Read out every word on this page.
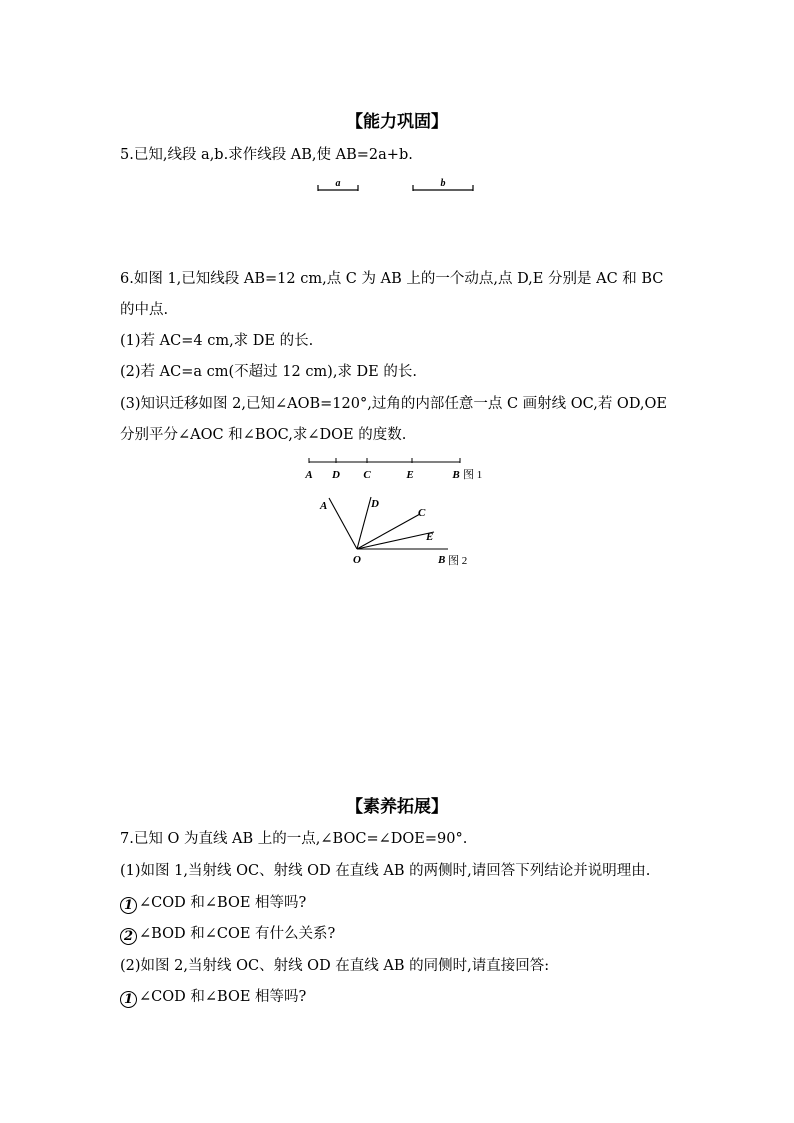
【能力巩固】
5.已知,线段 a,b.求作线段 AB,使 AB=2a+b.
a	b
6.如图 1,已知线段 AB=12 cm,点 C 为 AB 上的一个动点,点 D,E 分别是 AC 和 BC
的中点.
(1)若 AC=4 cm,求 DE 的长.
(2)若 AC=a cm(不超过 12 cm),求 DE 的长.
(3)知识迁移如图 2,已知∠AOB=120°,过角的内部任意一点 C 画射线 OC,若 OD,OE
分别平分∠AOC 和∠BOC,求∠DOE 的度数.
A D C	E	B 图 1
A	D
C
E
B
O	图 2
【素养拓展】
7.已知 O 为直线 AB 上的一点,∠BOC=∠DOE=90°.
(1)如图 1,当射线 OC、射线 OD 在直线 AB 的两侧时,请回答下列结论并说明理由.
1 ∠COD 和∠BOE 相等吗?
2 ∠BOD 和∠COE 有什么关系?
(2)如图 2,当射线 OC、射线 OD 在直线 AB 的同侧时,请直接回答:
1 ∠COD 和∠BOE 相等吗?
